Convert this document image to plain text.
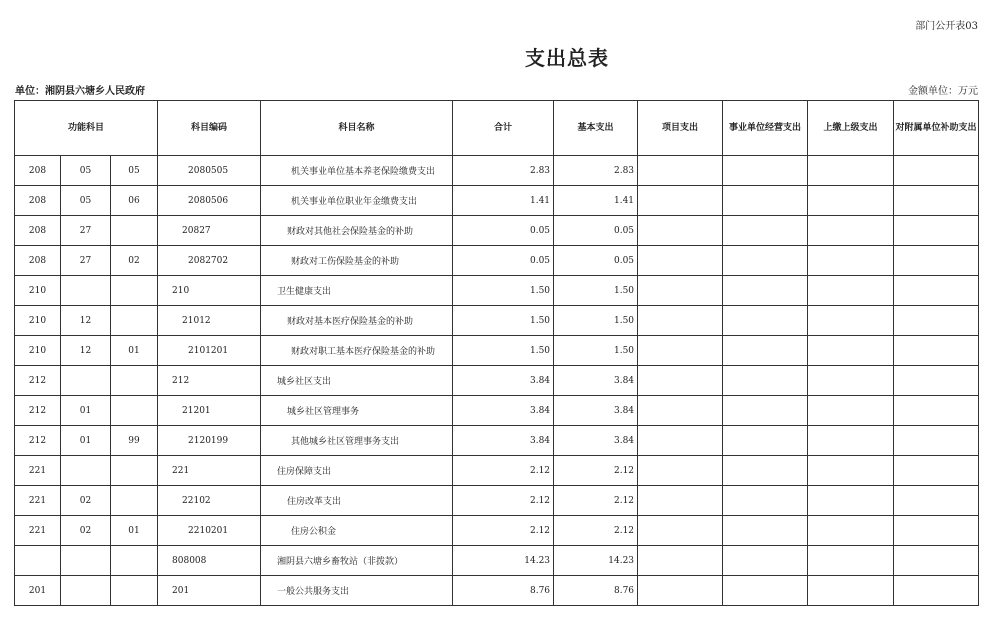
部门公开表03
支出总表
单位：湘阴县六塘乡人民政府	金额单位：万元
功能科目			科目编码	科目名称	合计	基本支出	项目支出	事业单位经营支出	上缴上级支出	对附属单位补助支出
208	05	05	2080505	机关事业单位基本养老保险缴费支出	2.83	2.83				
208	05	06	2080506	机关事业单位职业年金缴费支出	1.41	1.41				
208	27		20827	财政对其他社会保险基金的补助	0.05	0.05				
208	27	02	2082702	财政对工伤保险基金的补助	0.05	0.05				
210			210	卫生健康支出	1.50	1.50				
210	12		21012	财政对基本医疗保险基金的补助	1.50	1.50				
210	12	01	2101201	财政对职工基本医疗保险基金的补助	1.50	1.50				
212			212	城乡社区支出	3.84	3.84				
212	01		21201	城乡社区管理事务	3.84	3.84				
212	01	99	2120199	其他城乡社区管理事务支出	3.84	3.84				
221			221	住房保障支出	2.12	2.12				
221	02		22102	住房改革支出	2.12	2.12				
221	02	01	2210201	住房公积金	2.12	2.12				
			808008	湘阴县六塘乡畜牧站（非拨款）	14.23	14.23				
201			201	一般公共服务支出	8.76	8.76				
